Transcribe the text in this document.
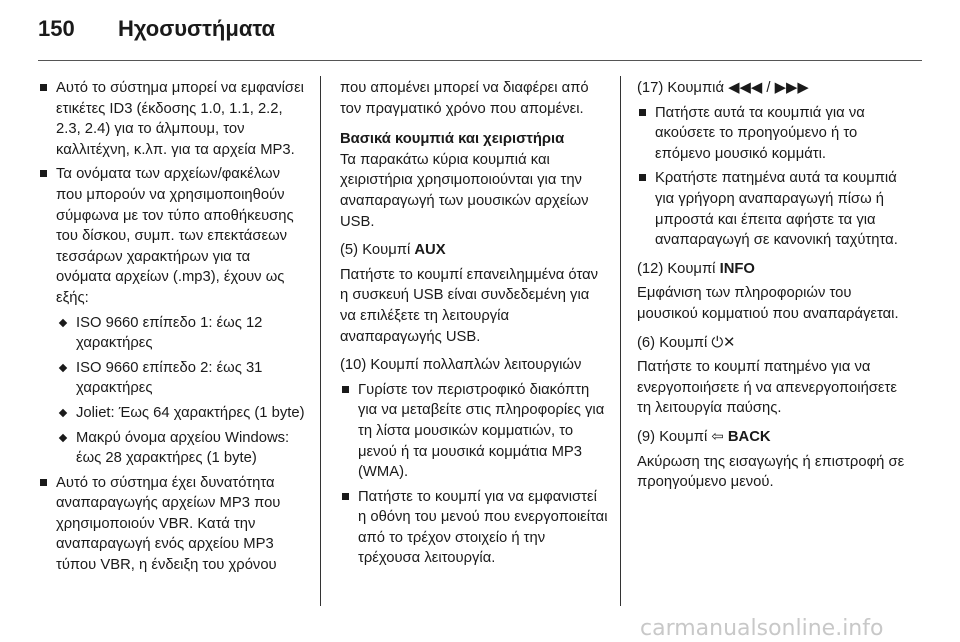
150 Ηχοσυστήματα
Αυτό το σύστημα μπορεί να εμφανίσει ετικέτες ID3 (έκδοσης 1.0, 1.1, 2.2, 2.3, 2.4) για το άλμπουμ, τον καλλιτέχνη, κ.λπ. για τα αρχεία MP3.
Τα ονόματα των αρχείων/φακέλων που μπορούν να χρησιμοποιηθούν σύμφωνα με τον τύπο αποθήκευσης του δίσκου, συμπ. των επεκτάσεων τεσσάρων χαρακτήρων για τα ονόματα αρχείων (.mp3), έχουν ως εξής:
ISO 9660 επίπεδο 1: έως 12 χαρακτήρες
ISO 9660 επίπεδο 2: έως 31 χαρακτήρες
Joliet: Έως 64 χαρακτήρες (1 byte)
Μακρύ όνομα αρχείου Windows: έως 28 χαρακτήρες (1 byte)
Αυτό το σύστημα έχει δυνατότητα αναπαραγωγής αρχείων MP3 που χρησιμοποιούν VBR. Κατά την αναπαραγωγή ενός αρχείου MP3 τύπου VBR, η ένδειξη του χρόνου
που απομένει μπορεί να διαφέρει από τον πραγματικό χρόνο που απομένει.
Βασικά κουμπιά και χειριστήρια
Τα παρακάτω κύρια κουμπιά και χειριστήρια χρησιμοποιούνται για την αναπαραγωγή των μουσικών αρχείων USB.
(5) Κουμπί AUX
Πατήστε το κουμπί επανειλημμένα όταν η συσκευή USB είναι συνδεδεμένη για να επιλέξετε τη λειτουργία αναπαραγωγής USB.
(10) Κουμπί πολλαπλών λειτουργιών
Γυρίστε τον περιστροφικό διακόπτη για να μεταβείτε στις πληροφορίες για τη λίστα μουσικών κομματιών, το μενού ή τα μουσικά κομμάτια MP3 (WMA).
Πατήστε το κουμπί για να εμφανιστεί η οθόνη του μενού που ενεργοποιείται από το τρέχον στοιχείο ή την τρέχουσα λειτουργία.
(17) Κουμπιά ◀◀◀ / ▶▶▶
Πατήστε αυτά τα κουμπιά για να ακούσετε το προηγούμενο ή το επόμενο μουσικό κομμάτι.
Κρατήστε πατημένα αυτά τα κουμπιά για γρήγορη αναπαραγωγή πίσω ή μπροστά και έπειτα αφήστε τα για αναπαραγωγή σε κανονική ταχύτητα.
(12) Κουμπί INFO
Εμφάνιση των πληροφοριών του μουσικού κομματιού που αναπαράγεται.
(6) Κουμπί ⏻✕
Πατήστε το κουμπί πατημένο για να ενεργοποιήσετε ή να απενεργοποιήσετε τη λειτουργία παύσης.
(9) Κουμπί ⇦ BACK
Ακύρωση της εισαγωγής ή επιστροφή σε προηγούμενο μενού.
carmanualsonline.info
